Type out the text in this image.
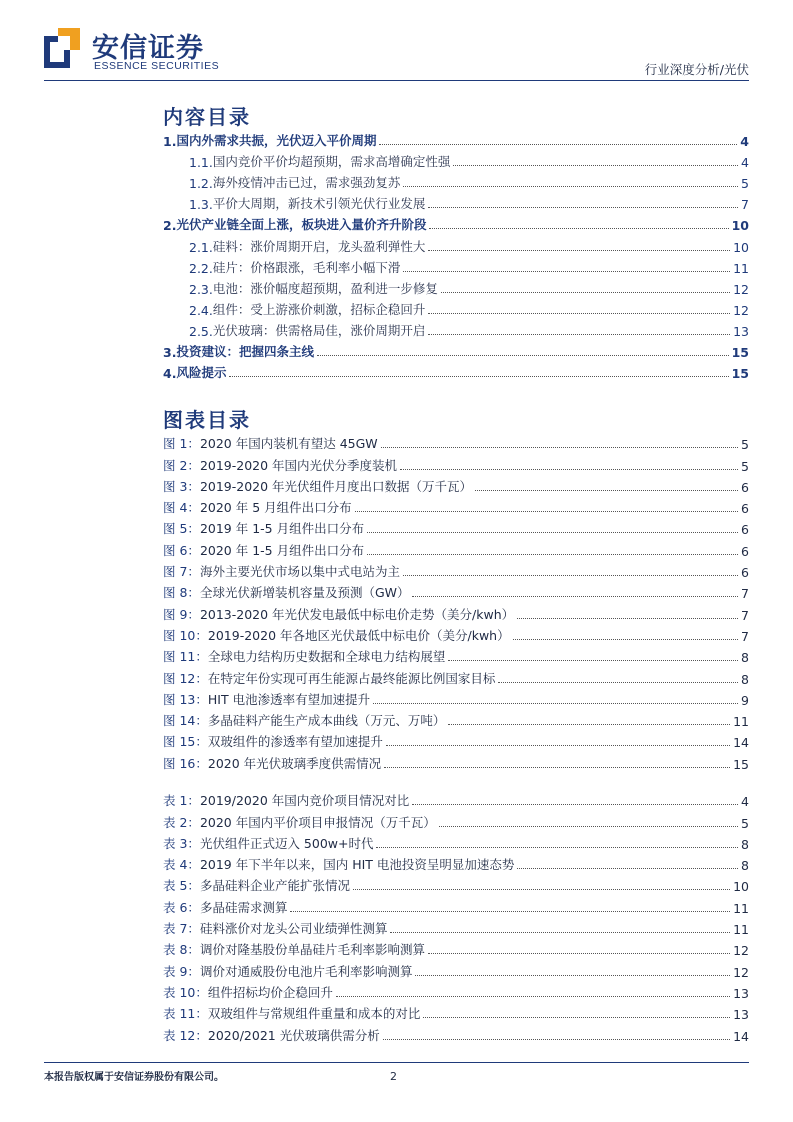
安信证券
ESSENCE SECURITIES	行业深度分析/光伏
内容目录
1. 国内外需求共振，光伏迈入平价周期	4
1.1. 国内竞价平价均超预期，需求高增确定性强	4
1.2. 海外疫情冲击已过，需求强劲复苏	5
1.3. 平价大周期，新技术引领光伏行业发展	7
2. 光伏产业链全面上涨，板块进入量价齐升阶段	10
2.1. 硅料：涨价周期开启，龙头盈利弹性大	10
2.2. 硅片：价格跟涨，毛利率小幅下滑	11
2.3. 电池：涨价幅度超预期，盈利进一步修复	12
2.4. 组件：受上游涨价刺激，招标企稳回升	12
2.5. 光伏玻璃：供需格局佳，涨价周期开启	13
3. 投资建议：把握四条主线	15
4. 风险提示	15
图表目录
图 1： 2020 年国内装机有望达 45GW	5
图 2： 2019-2020 年国内光伏分季度装机	5
图 3： 2019-2020 年光伏组件月度出口数据（万千瓦）	6
图 4： 2020 年 5 月组件出口分布	6
图 5： 2019 年 1-5 月组件出口分布	6
图 6： 2020 年 1-5 月组件出口分布	6
图 7： 海外主要光伏市场以集中式电站为主	6
图 8： 全球光伏新增装机容量及预测（GW）	7
图 9： 2013-2020 年光伏发电最低中标电价走势（美分/kwh）	7
图 10： 2019-2020 年各地区光伏最低中标电价（美分/kwh）	7
图 11： 全球电力结构历史数据和全球电力结构展望	8
图 12： 在特定年份实现可再生能源占最终能源比例国家目标	8
图 13： HIT 电池渗透率有望加速提升	9
图 14： 多晶硅料产能生产成本曲线（万元、万吨）	11
图 15： 双玻组件的渗透率有望加速提升	14
图 16： 2020 年光伏玻璃季度供需情况	15
表 1： 2019/2020 年国内竞价项目情况对比	4
表 2： 2020 年国内平价项目申报情况（万千瓦）	5
表 3： 光伏组件正式迈入 500w+时代	8
表 4： 2019 年下半年以来，国内 HIT 电池投资呈明显加速态势	8
表 5： 多晶硅料企业产能扩张情况	10
表 6： 多晶硅需求测算	11
表 7： 硅料涨价对龙头公司业绩弹性测算	11
表 8： 调价对隆基股份单晶硅片毛利率影响测算	12
表 9： 调价对通威股份电池片毛利率影响测算	12
表 10： 组件招标均价企稳回升	13
表 11： 双玻组件与常规组件重量和成本的对比	13
表 12： 2020/2021 光伏玻璃供需分析	14
本报告版权属于安信证券股份有限公司。	2
